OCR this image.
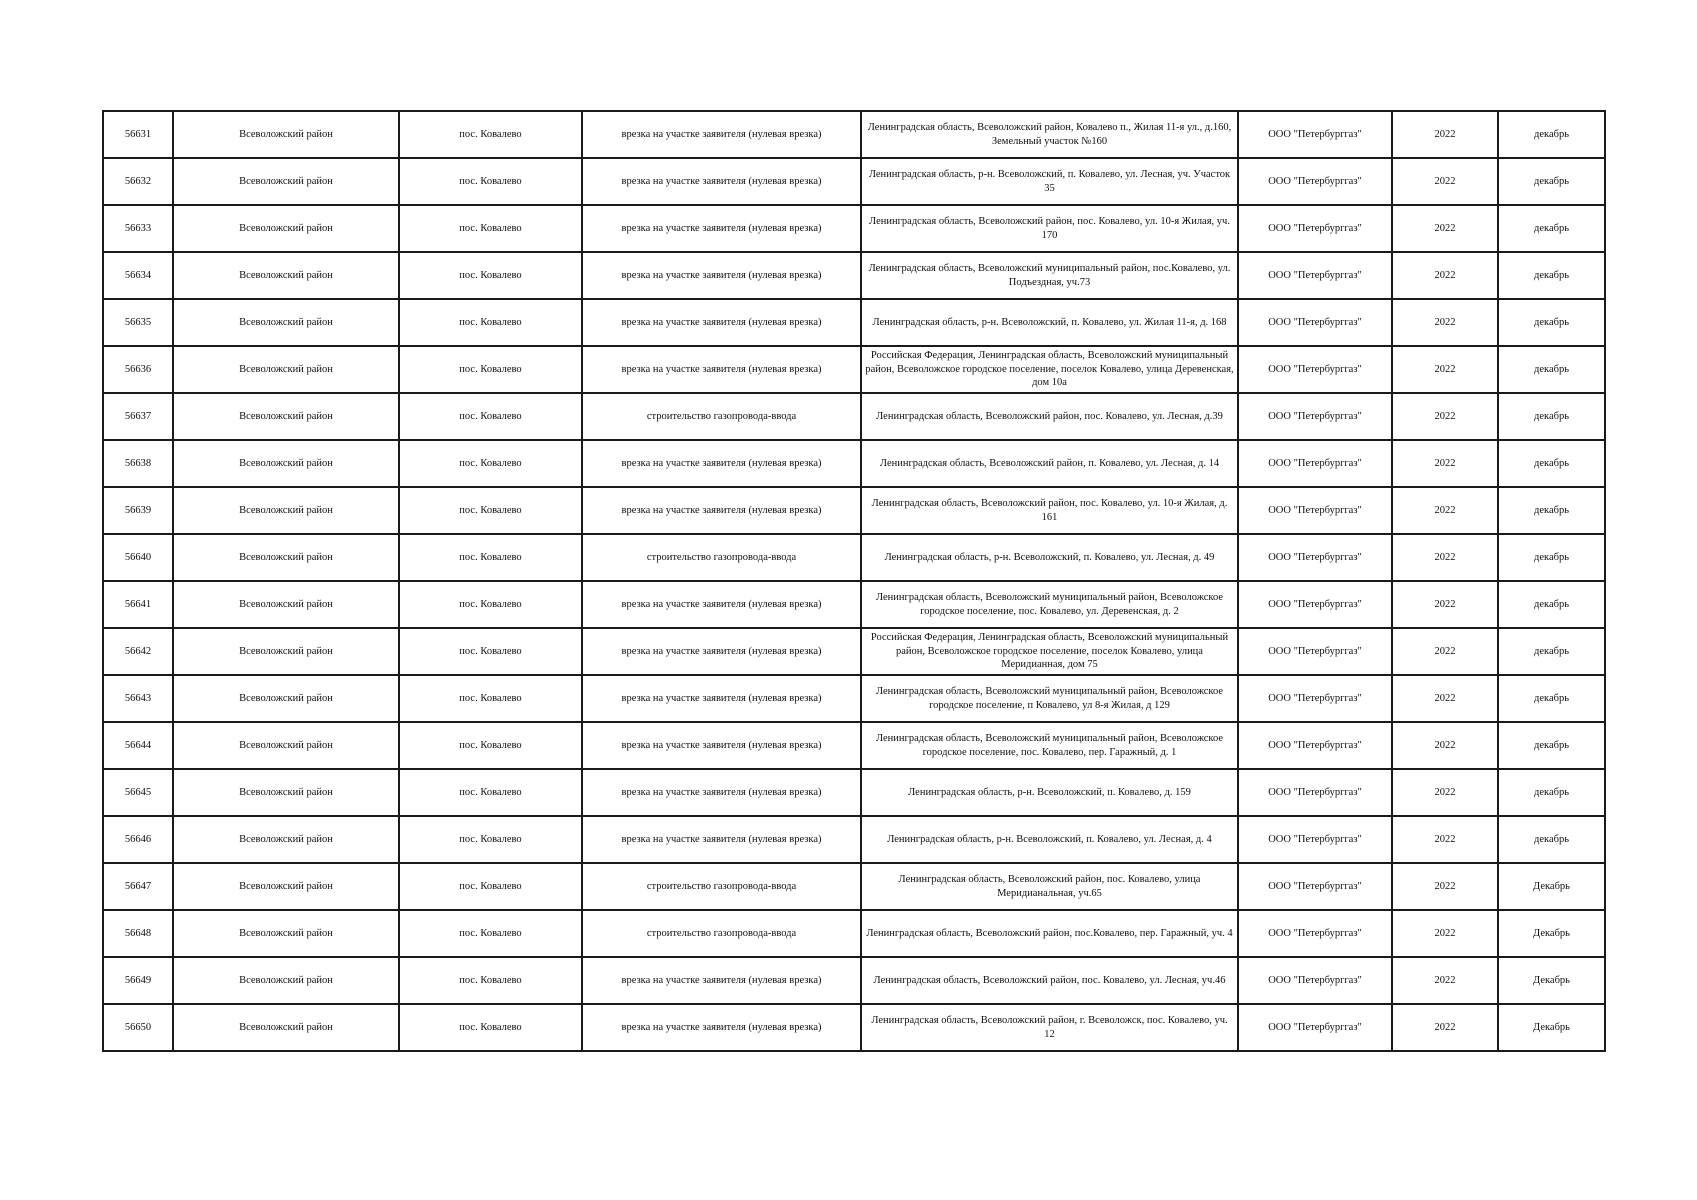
56631	Всеволожский район	пос. Ковалево	врезка на участке заявителя (нулевая врезка)	Ленинградская область, Всеволожский район, Ковалево п., Жилая 11-я ул., д.160, Земельный участок №160	ООО "Петербурггаз"	2022	декабрь
56632	Всеволожский район	пос. Ковалево	врезка на участке заявителя (нулевая врезка)	Ленинградская область, р-н. Всеволожский, п. Ковалево, ул. Лесная, уч. Участок 35	ООО "Петербурггаз"	2022	декабрь
56633	Всеволожский район	пос. Ковалево	врезка на участке заявителя (нулевая врезка)	Ленинградская область, Всеволожский район, пос. Ковалево, ул. 10-я Жилая, уч. 170	ООО "Петербурггаз"	2022	декабрь
56634	Всеволожский район	пос. Ковалево	врезка на участке заявителя (нулевая врезка)	Ленинградская область, Всеволожский муниципальный район, пос.Ковалево, ул. Подъездная, уч.73	ООО "Петербурггаз"	2022	декабрь
56635	Всеволожский район	пос. Ковалево	врезка на участке заявителя (нулевая врезка)	Ленинградская область, р-н. Всеволожский, п. Ковалево, ул. Жилая 11-я, д. 168	ООО "Петербурггаз"	2022	декабрь
56636	Всеволожский район	пос. Ковалево	врезка на участке заявителя (нулевая врезка)	Российская Федерация, Ленинградская область, Всеволожский муниципальный район, Всеволожское городское поселение, поселок Ковалево, улица Деревенская, дом 10а	ООО "Петербурггаз"	2022	декабрь
56637	Всеволожский район	пос. Ковалево	строительство газопровода-ввода	Ленинградская область, Всеволожский район, пос. Ковалево, ул. Лесная, д.39	ООО "Петербурггаз"	2022	декабрь
56638	Всеволожский район	пос. Ковалево	врезка на участке заявителя (нулевая врезка)	Ленинградская область, Всеволожский район, п. Ковалево, ул. Лесная, д. 14	ООО "Петербурггаз"	2022	декабрь
56639	Всеволожский район	пос. Ковалево	врезка на участке заявителя (нулевая врезка)	Ленинградская область, Всеволожский район, пос. Ковалево, ул. 10-я Жилая, д. 161	ООО "Петербурггаз"	2022	декабрь
56640	Всеволожский район	пос. Ковалево	строительство газопровода-ввода	Ленинградская область, р-н. Всеволожский, п. Ковалево, ул. Лесная, д. 49	ООО "Петербурггаз"	2022	декабрь
56641	Всеволожский район	пос. Ковалево	врезка на участке заявителя (нулевая врезка)	Ленинградская область, Всеволожский муниципальный район, Всеволожское городское поселение, пос. Ковалево, ул. Деревенская, д. 2	ООО "Петербурггаз"	2022	декабрь
56642	Всеволожский район	пос. Ковалево	врезка на участке заявителя (нулевая врезка)	Российская Федерация, Ленинградская область, Всеволожский муниципальный район, Всеволожское городское поселение, поселок Ковалево, улица Меридианная, дом 75	ООО "Петербурггаз"	2022	декабрь
56643	Всеволожский район	пос. Ковалево	врезка на участке заявителя (нулевая врезка)	Ленинградская область, Всеволожский муниципальный район, Всеволожское городское поселение, п Ковалево, ул 8-я Жилая, д 129	ООО "Петербурггаз"	2022	декабрь
56644	Всеволожский район	пос. Ковалево	врезка на участке заявителя (нулевая врезка)	Ленинградская область, Всеволожский муниципальный район, Всеволожское городское поселение, пос. Ковалево, пер. Гаражный, д. 1	ООО "Петербурггаз"	2022	декабрь
56645	Всеволожский район	пос. Ковалево	врезка на участке заявителя (нулевая врезка)	Ленинградская область, р-н. Всеволожский, п. Ковалево, д. 159	ООО "Петербурггаз"	2022	декабрь
56646	Всеволожский район	пос. Ковалево	врезка на участке заявителя (нулевая врезка)	Ленинградская область, р-н. Всеволожский, п. Ковалево, ул. Лесная, д. 4	ООО "Петербурггаз"	2022	декабрь
56647	Всеволожский район	пос. Ковалево	строительство газопровода-ввода	Ленинградская область, Всеволожский район, пос. Ковалево, улица Меридианальная, уч.65	ООО "Петербурггаз"	2022	Декабрь
56648	Всеволожский район	пос. Ковалево	строительство газопровода-ввода	Ленинградская область, Всеволожский район, пос.Ковалево, пер. Гаражный, уч. 4	ООО "Петербурггаз"	2022	Декабрь
56649	Всеволожский район	пос. Ковалево	врезка на участке заявителя (нулевая врезка)	Ленинградская область, Всеволожский район, пос. Ковалево, ул. Лесная, уч.46	ООО "Петербурггаз"	2022	Декабрь
56650	Всеволожский район	пос. Ковалево	врезка на участке заявителя (нулевая врезка)	Ленинградская область, Всеволожский район, г. Всеволожск, пос. Ковалево, уч. 12	ООО "Петербурггаз"	2022	Декабрь
